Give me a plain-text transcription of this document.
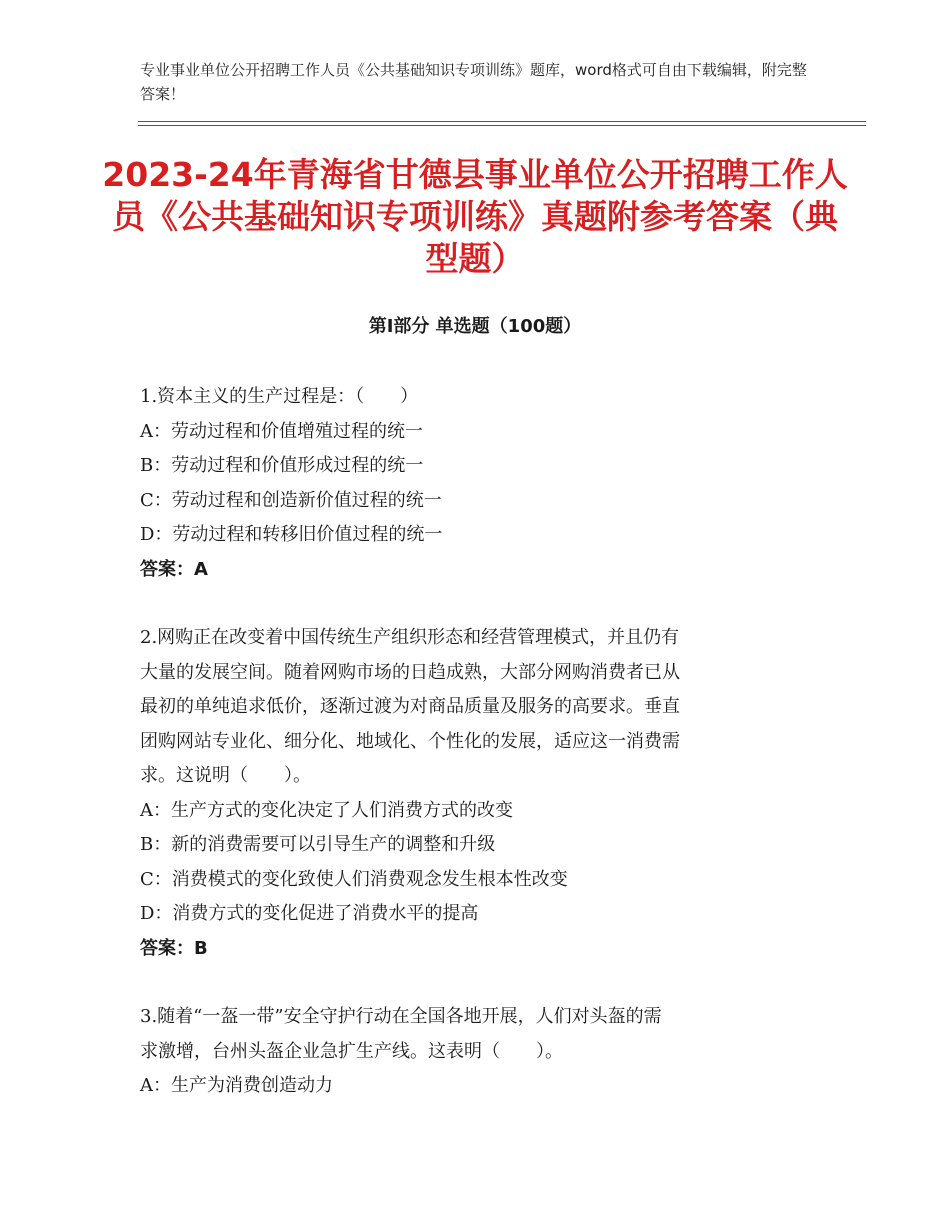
专业事业单位公开招聘工作人员《公共基础知识专项训练》题库，word格式可自由下载编辑，附完整答案！
2023-24年青海省甘德县事业单位公开招聘工作人员《公共基础知识专项训练》真题附参考答案（典型题）
第I部分 单选题（100题）

1.资本主义的生产过程是：（　　）

A：劳动过程和价值增殖过程的统一

B：劳动过程和价值形成过程的统一

C：劳动过程和创造新价值过程的统一

D：劳动过程和转移旧价值过程的统一

答案：A

2.网购正在改变着中国传统生产组织形态和经营管理模式，并且仍有

大量的发展空间。随着网购市场的日趋成熟，大部分网购消费者已从

最初的单纯追求低价，逐渐过渡为对商品质量及服务的高要求。垂直

团购网站专业化、细分化、地域化、个性化的发展，适应这一消费需

求。这说明（　　）。

A：生产方式的变化决定了人们消费方式的改变

B：新的消费需要可以引导生产的调整和升级

C：消费模式的变化致使人们消费观念发生根本性改变

D：消费方式的变化促进了消费水平的提高

答案：B

3.随着“一盔一带”安全守护行动在全国各地开展，人们对头盔的需

求激增，台州头盔企业急扩生产线。这表明（　　）。

A：生产为消费创造动力
